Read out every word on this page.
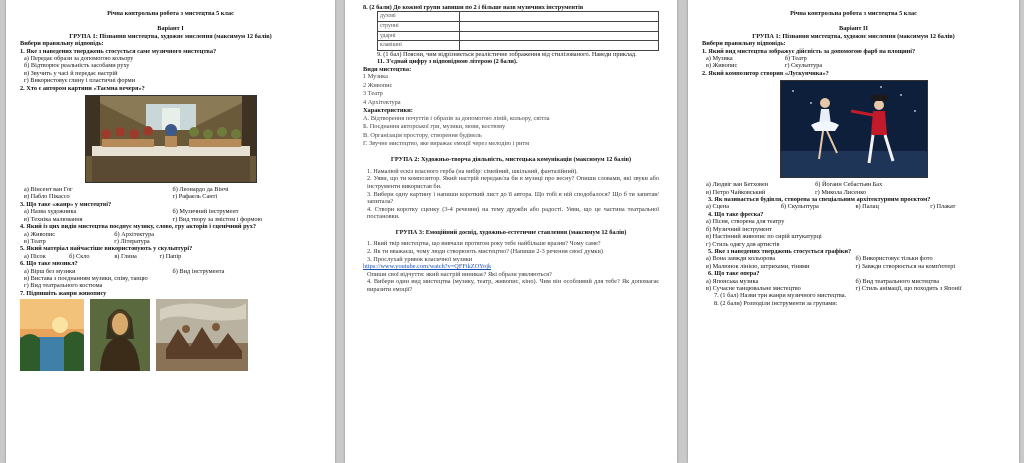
Річна контрольна робота з мистецтва 5 клас
Варіант І
ГРУПА 1: Пізнання мистецтва, художнє мислення (максимум 12 балів)
Вибери правильну відповідь:
1. Яке з наведених тверджень стосується саме музичного мистецтва?
а) Передає образи за допомогою кольору
б) Відтворює реальність засобами руху
в) Звучить у часі й передає настрій
г) Використовує глину і пластичні форми
2. Хто є автором картини «Таємна вечеря»?
а) Вінсент ван Гог	б) Леонардо да Вінчі
в) Пабло Пікассо	г) Рафаель Санті
3. Що таке «жанр» у мистецтві?
а) Назва художника	б) Музичний інструмент
в) Техніка малювання	г) Вид твору за змістом і формою
4. Який із цих видів мистецтва поєднує музику, слово, гру акторів і сценічний рух?
а) Живопис	б) Архітектура
в) Театр	г) Література
5. Який матеріал найчастіше використовують у скульптурі?
а) Пісок	б) Скло	в) Глина	г) Папір
6. Що таке мюзикл?
а) Вірш без музики	б) Вид інструмента
в) Вистава з поєднанням музики, співу, танцю
г) Вид театрального костюма
7. Підпишіть жанри живопису
8. (2 бали) До кожної групи запиши по 2 і більше назв музичних інструментів
духові	
струнні	
ударні	
клавішні	
9. (1 бал) Поясни, чим відрізняється реалістичне зображення від стилізованого. Наведи приклад.
11. З'єднай цифру з відповідною літерою (2 бали).
Види мистецтва:
1 Музика
2 Живопис
3 Театр
4 Архітектура
Характеристики:
А. Відтворення почуттів і образів за допомогою ліній, кольору, світла
Б. Поєднання акторської гри, музики, мови, костюму
В. Організація простору, створення будівель
Г. Звучне мистецтво, яке виражає емоції через мелодію і ритм
ГРУПА 2: Художньо-творча діяльність, мистецька комунікація (максимум 12 балів)
1. Намалюй ескіз власного герба (на вибір: сімейний, шкільний, фантазійний).
2. Уяви, що ти композитор. Який настрій передав/ла би в музиці про весну? Опиши словами, які звуки або інструменти використав би.
3. Вибери одну картину і напиши короткий лист до її автора. Що тобі в ній сподобалося? Що б ти запитав/запитала?
4. Створи коротку сценку (3-4 речення) на тему дружби або радості. Уяви, що це частина театральної постановки.
ГРУПА 3: Емоційний досвід, художньо-естетичне ставлення (максимум 12 балів)
1. Який твір мистецтва, що вивчали протягом року тебе найбільше вразив? Чому саме?
2. Як ти вважаєш, чому люди створюють мистецтво? (Напиши 2-3 речення своєї думки)
3. Прослухай уривок класичної музики
https://www.youtube.com/watch?v=QFFikZOYojk
Опиши свої відчуття: який настрій виникає? Які образи уявляються?
4. Вибери один вид мистецтва (музику, театр, живопис, кіно). Чим він особливий для тебе? Як допомагає виразити емоції?
Річна контрольна робота з мистецтва 5 клас
Варіант ІІ
ГРУПА 1: Пізнання мистецтва, художнє мислення (максимум 12 балів)
Вибери правильну відповідь:
1. Який вид мистецтва зображує дійсність за допомогою фарб на площині?
а) Музика	б) Театр
в) Живопис	г) Скульптура
2. Який композитор створив «Лускунчика»?
а) Людвіг ван Бетховен	б) Йоганн Себастьян Бах
в) Петро Чайковський	г) Микола Лисенко
3. Як називається будівля, створена за спеціальним архітектурним проєктом?
а) Сцена	б) Скульптура	в) Палац	г) Плакат
4. Що таке фреска?
а) Пісня, створена для театру
б) Музичний інструмент
в) Настінний живопис по сирій штукатурці
г) Стиль одягу для артистів
5. Яке з наведених тверджень стосується графіки?
а) Вона завжди кольорова	б) Використовує тільки фото
в) Малюнок лінією, штрихами, тінями	г) Завжди створюється на комп'ютері
6. Що таке опера?
а) Японська музика	б) Вид театрального мистецтва
в) Сучасне танцювальне мистецтво	г) Стиль анімації, що походить з Японії
7. (1 бал) Назви три жанри музичного мистецтва.
8. (2 бали) Розподіли інструменти за групами:
